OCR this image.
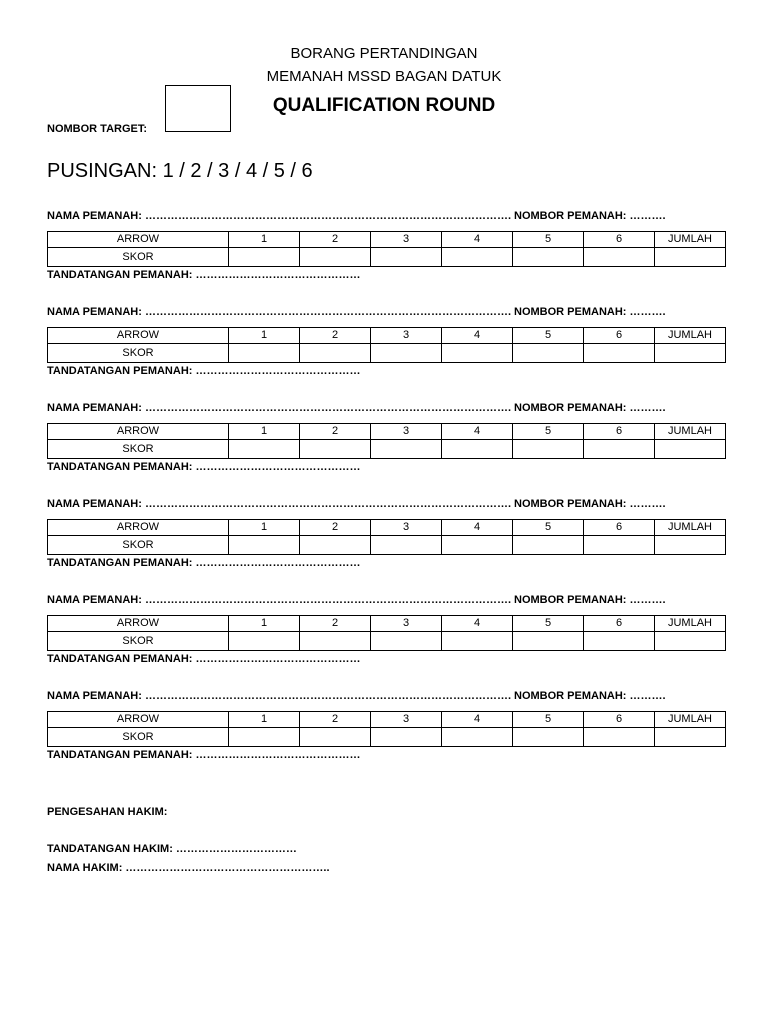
BORANG PERTANDINGAN
MEMANAH MSSD BAGAN DATUK
QUALIFICATION ROUND
NOMBOR TARGET:
PUSINGAN: 1 / 2 / 3 / 4 / 5 / 6
NAMA PEMANAH: ………………………………………………………………………………………. NOMBOR PEMANAH: ……….
ARROW	1	2	3	4	5	6	JUMLAH
SKOR							
TANDATANGAN PEMANAH: ………………………………………
NAMA PEMANAH: ………………………………………………………………………………………. NOMBOR PEMANAH: ……….
ARROW	1	2	3	4	5	6	JUMLAH
SKOR							
TANDATANGAN PEMANAH: ………………………………………
NAMA PEMANAH: ………………………………………………………………………………………. NOMBOR PEMANAH: ……….
ARROW	1	2	3	4	5	6	JUMLAH
SKOR							
TANDATANGAN PEMANAH: ………………………………………
NAMA PEMANAH: ………………………………………………………………………………………. NOMBOR PEMANAH: ……….
ARROW	1	2	3	4	5	6	JUMLAH
SKOR							
TANDATANGAN PEMANAH: ………………………………………
NAMA PEMANAH: ………………………………………………………………………………………. NOMBOR PEMANAH: ……….
ARROW	1	2	3	4	5	6	JUMLAH
SKOR							
TANDATANGAN PEMANAH: ………………………………………
NAMA PEMANAH: ………………………………………………………………………………………. NOMBOR PEMANAH: ……….
ARROW	1	2	3	4	5	6	JUMLAH
SKOR							
TANDATANGAN PEMANAH: ………………………………………
PENGESAHAN HAKIM:
TANDATANGAN HAKIM: ……………………………
NAMA HAKIM: ………………………………………………..
